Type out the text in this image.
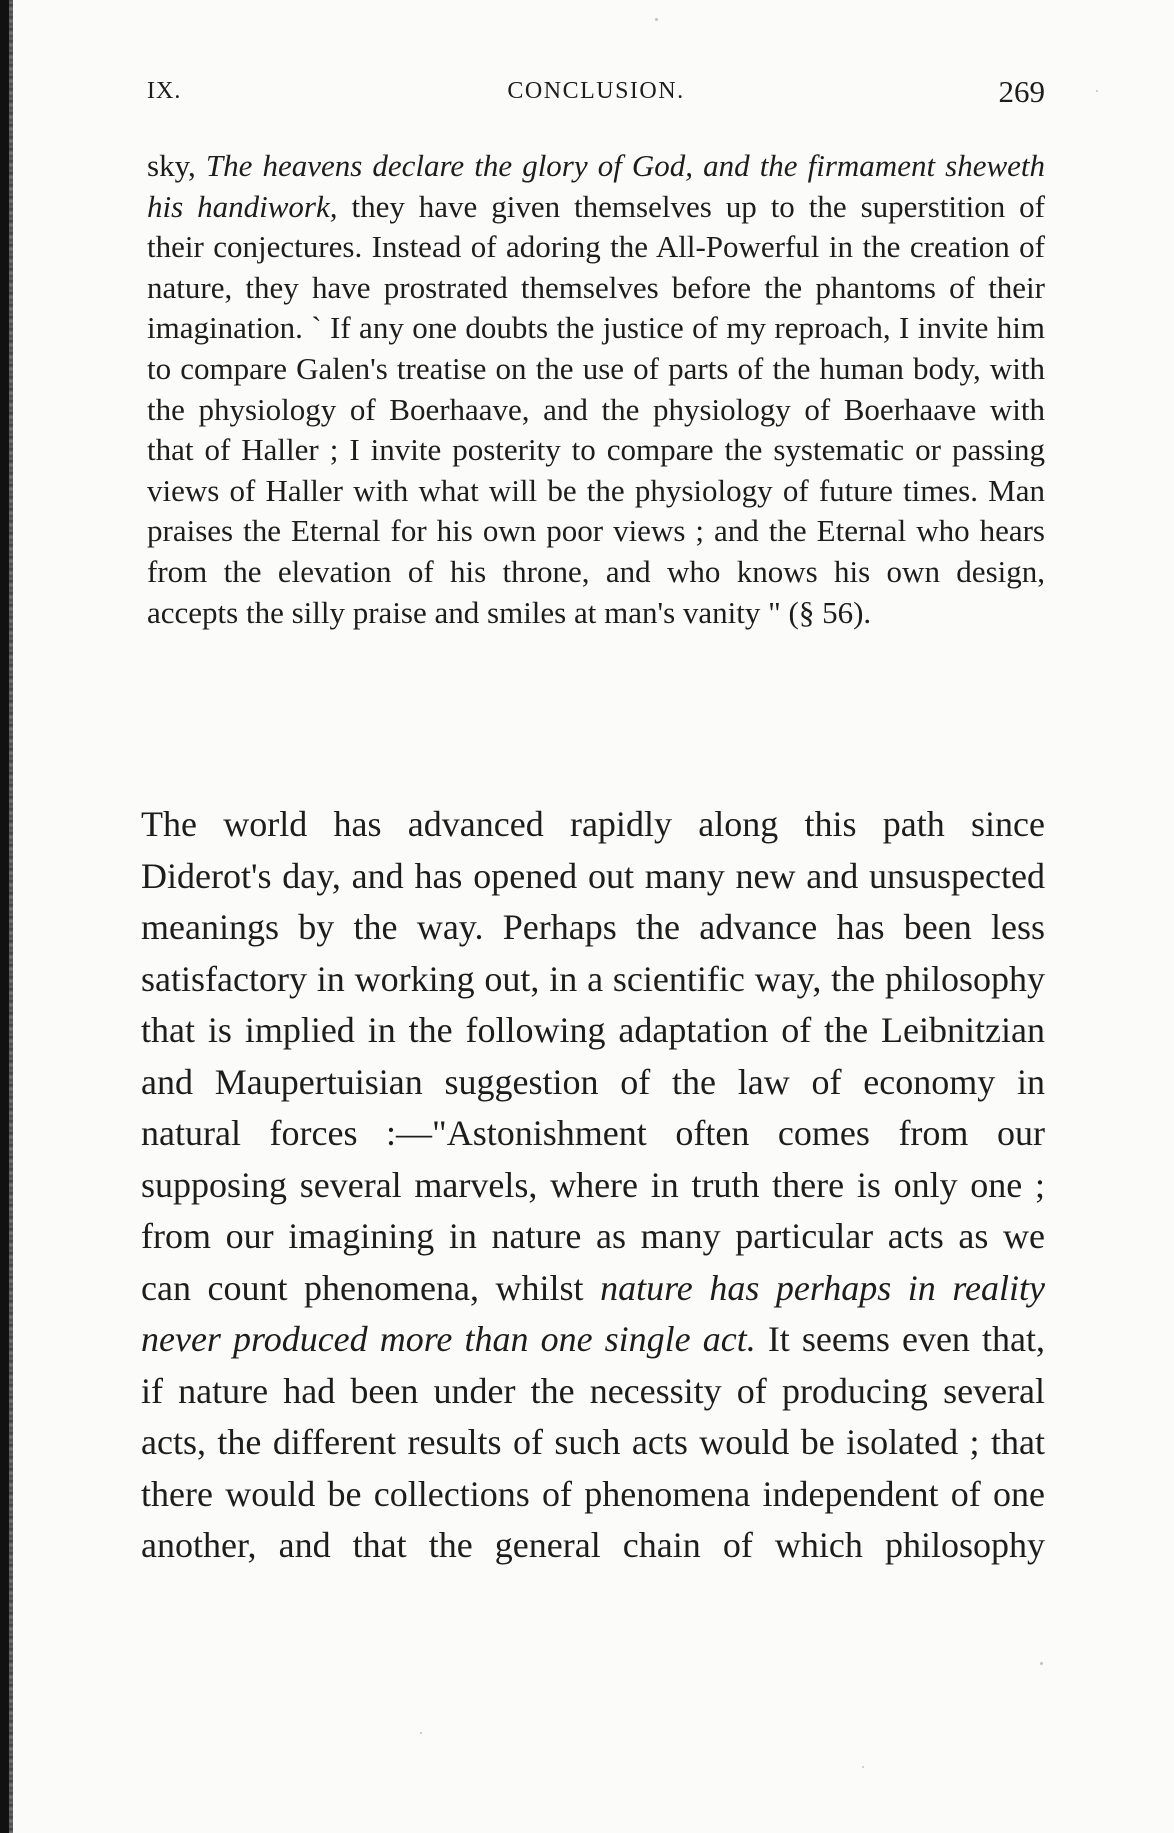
IX.	CONCLUSION.	269

sky, The heavens declare the glory of God, and the firmament sheweth his handiwork, they have given themselves up to the superstition of their conjectures. Instead of adoring the All-Powerful in the creation of nature, they have prostrated themselves before the phantoms of their imagination. ` If any one doubts the justice of my reproach, I invite him to compare Galen's treatise on the use of parts of the human body, with the physiology of Boerhaave, and the physiology of Boerhaave with that of Haller ; I invite posterity to compare the systematic or passing views of Haller with what will be the physiology of future times. Man praises the Eternal for his own poor views ; and the Eternal who hears from the elevation of his throne, and who knows his own design, accepts the silly praise and smiles at man's vanity " (§ 56).

The world has advanced rapidly along this path since Diderot's day, and has opened out many new and unsuspected meanings by the way. Perhaps the advance has been less satisfactory in working out, in a scientific way, the philosophy that is implied in the following adaptation of the Leibnitzian and Maupertuisian suggestion of the law of economy in natural forces :—"Astonishment often comes from our supposing several marvels, where in truth there is only one ; from our imagining in nature as many particular acts as we can count phenomena, whilst nature has perhaps in reality never produced more than one single act. It seems even that, if nature had been under the necessity of producing several acts, the different results of such acts would be isolated ; that there would be collections of phenomena independent of one another, and that the general chain of which philosophy
